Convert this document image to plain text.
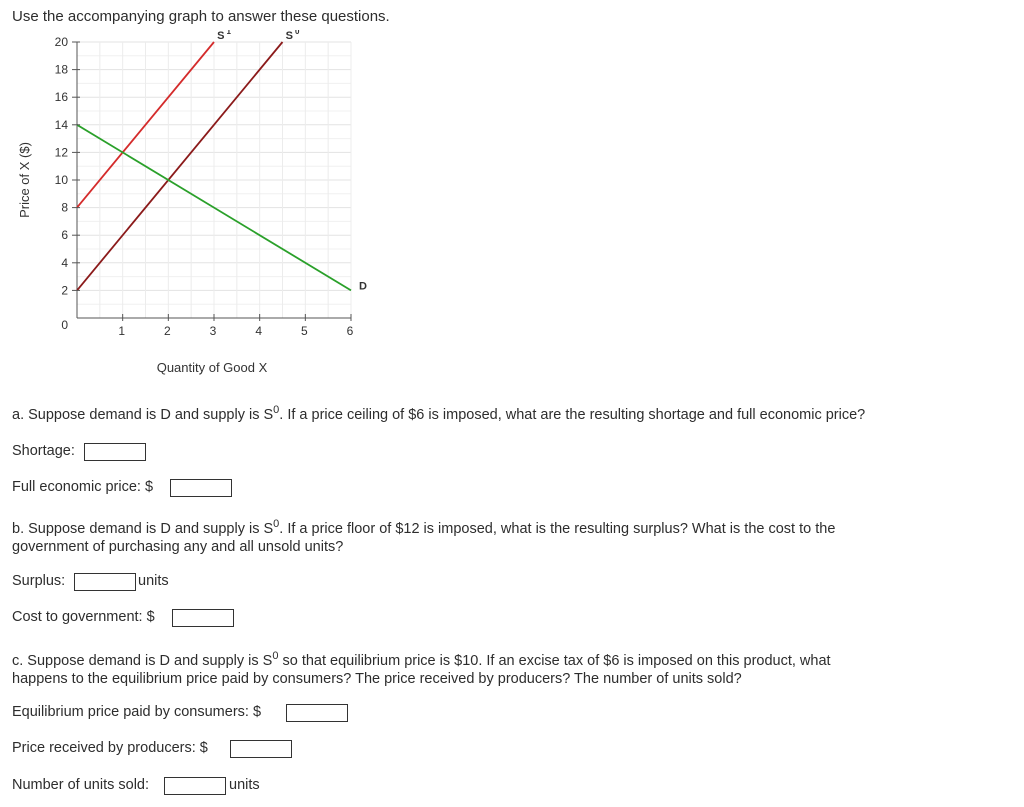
Use the accompanying graph to answer these questions.
S $^1$	S $^0$
D
0
2
4
6
8
10
12
14
16
18
20
1	2	3	4	5	6
Quantity of Good X
Price of X ($)
a. Suppose demand is D and supply is $S^0$. If a price ceiling of $6 is imposed, what are the resulting shortage and full economic price?
Shortage:
Full economic price: $
b. Suppose demand is D and supply is $S^0$. If a price floor of $12 is imposed, what is the resulting surplus? What is the cost to the
government of purchasing any and all unsold units?
Surplus:	units
Cost to government: $
c. Suppose demand is D and supply is $S^0$ so that equilibrium price is $10. If an excise tax of $6 is imposed on this product, what
happens to the equilibrium price paid by consumers? The price received by producers? The number of units sold?
Equilibrium price paid by consumers: $
Price received by producers: $
Number of units sold:	units
